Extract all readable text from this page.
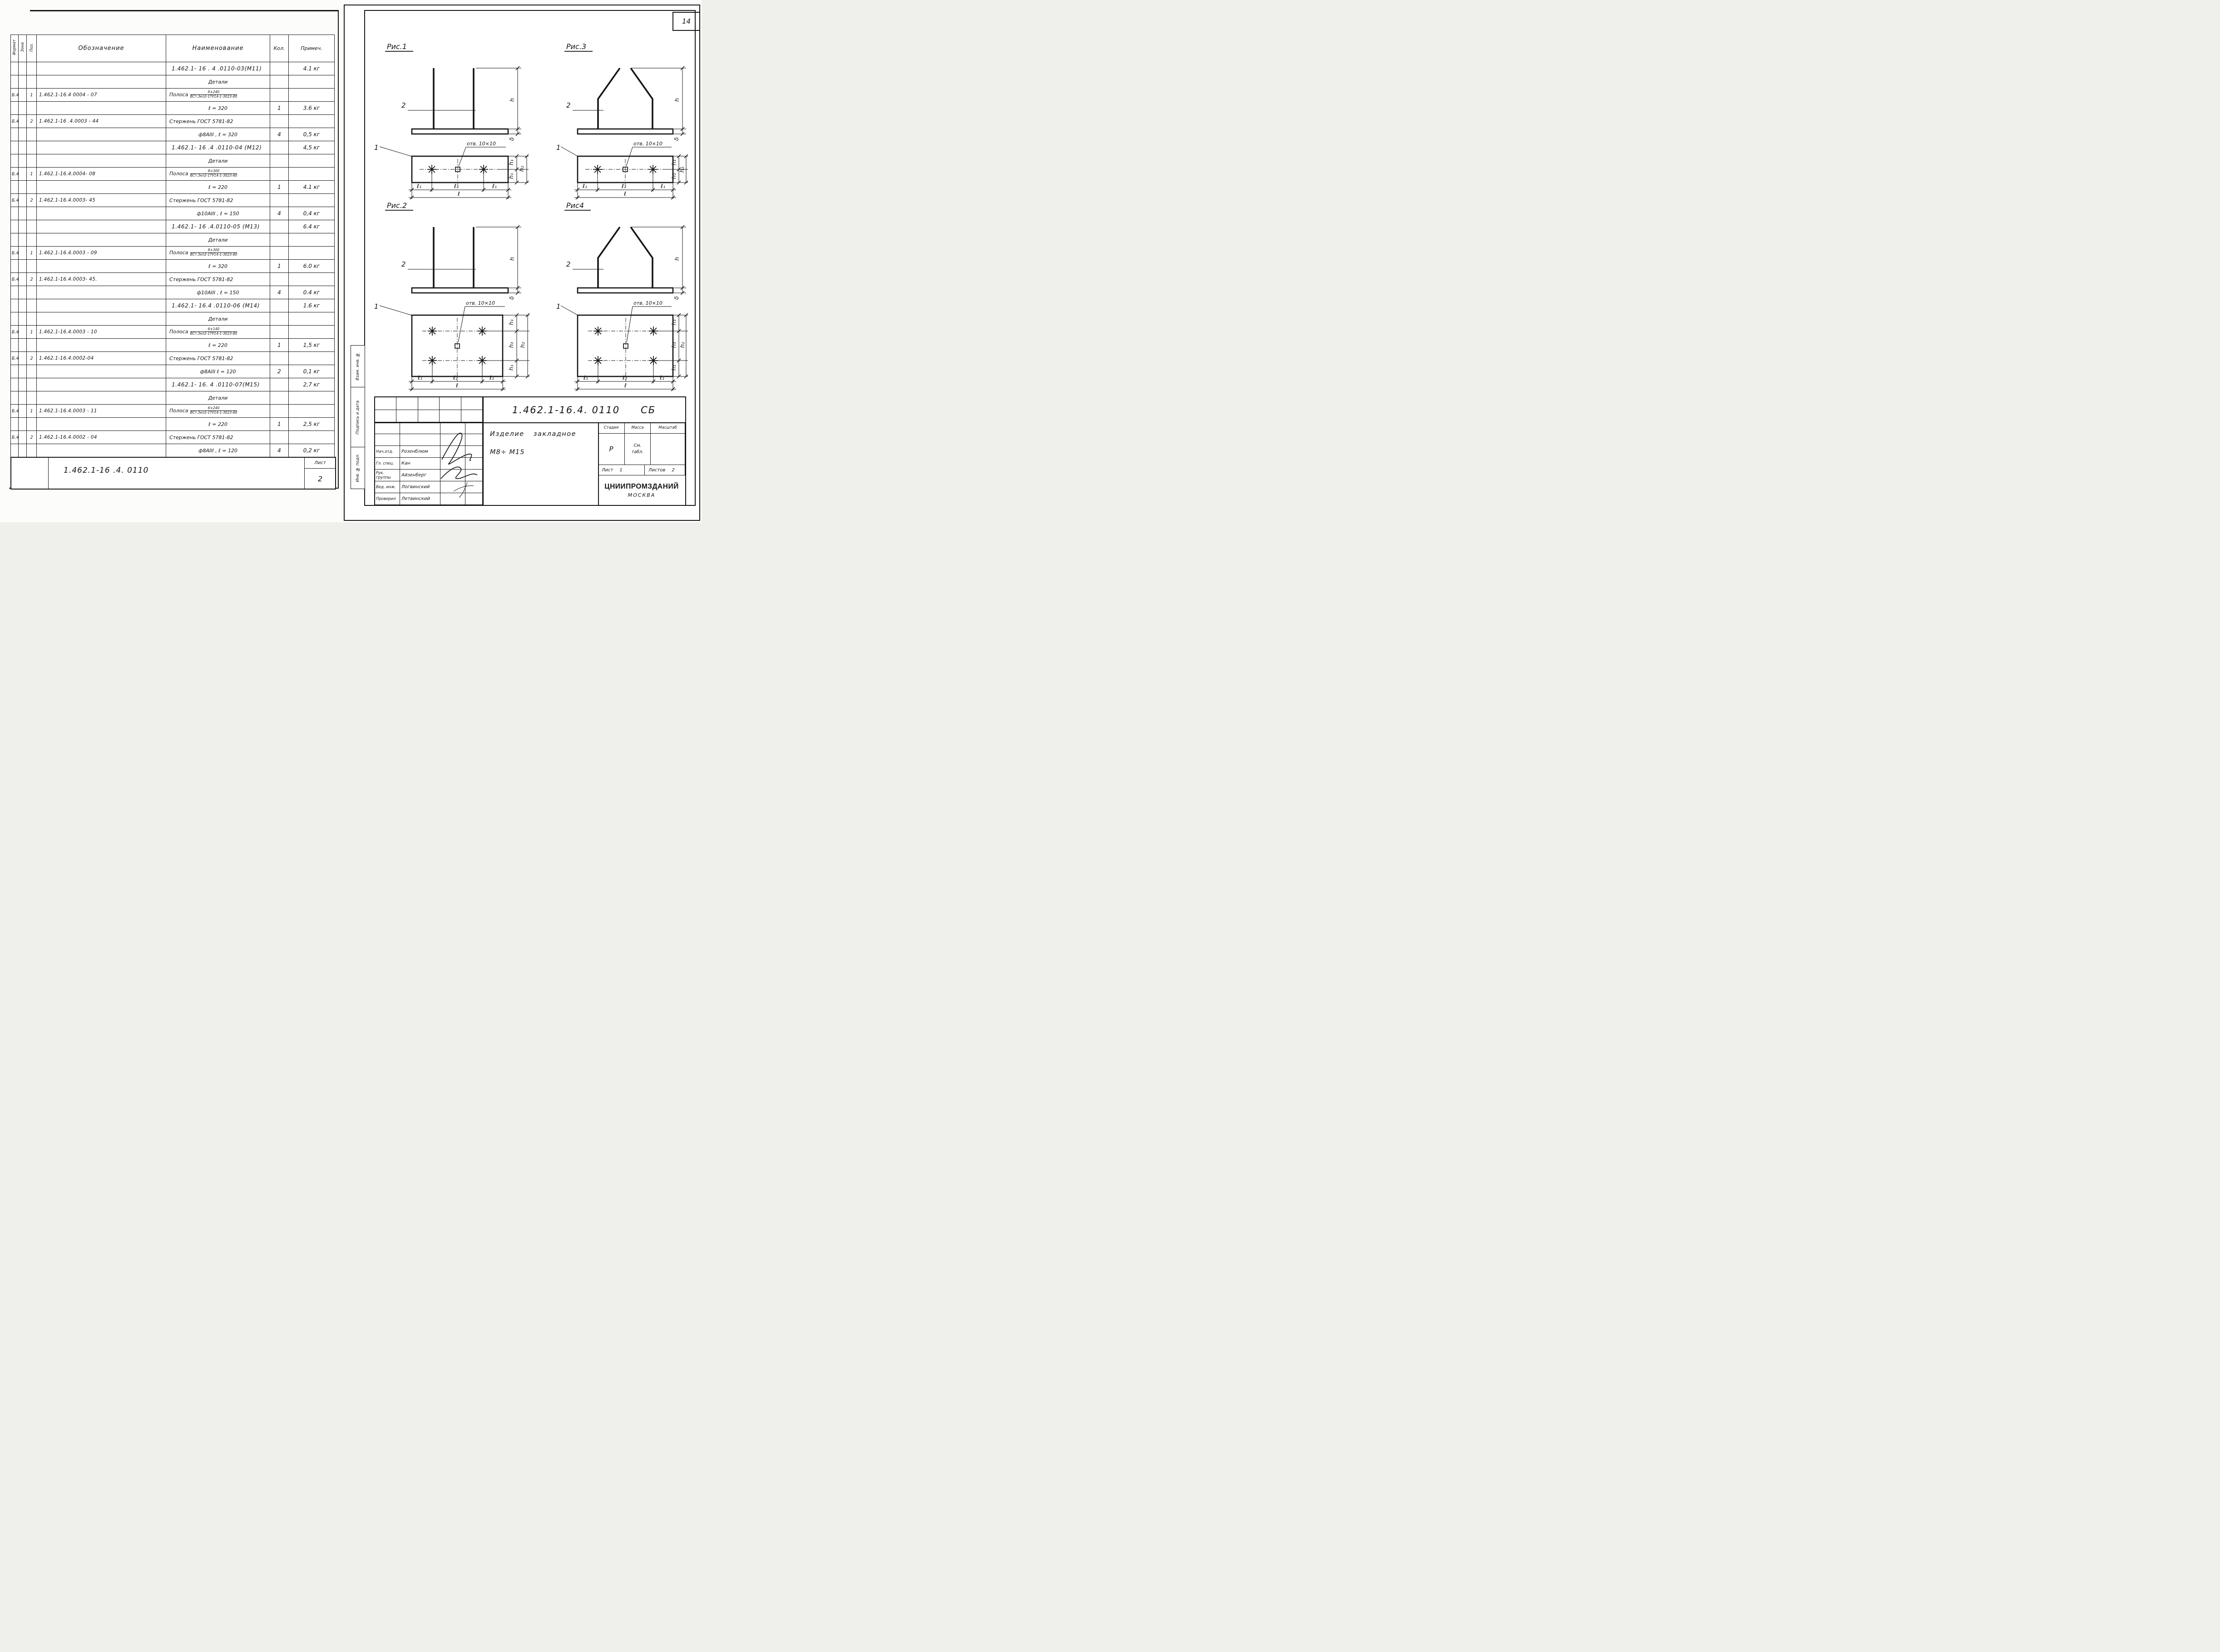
Формат	Зона	Поз.	Обозначение	Наименование	Кол.	Примеч.
				1.462.1- 16 . 4 .0110-03(М11)		4.1 кг
				Детали		
Б.4		1	1.462.1-16.4 0004 - 07	Полоса $\frac{6\times 240}{\text{ВСт.3кп2-1ТУ14-1-3023-80}}$

				ℓ = 320	1	3.6 кг
Б.4		2	1.462.1-16 .4.0003 - 44	Стержень ГОСТ 5781-82		
				ф8АIII , ℓ = 320	4	0,5 кг
				1.462.1- 16 .4 .0110-04 (М12)		4,5 кг
				Детали		
Б.4		1	1.462.1-16.4.0004- 08	Полоса $\frac{8\times 300}{\text{ВСт.3кп2-1ТУ14-1-3023-80}}$

				ℓ = 220	1	4.1 кг
Б.4		2	1.462.1-16.4.0003- 45	Стержень ГОСТ 5781-82		
				ф10АIII , ℓ = 150	4	0,4 кг
				1.462.1- 16 .4.0110-05 (М13)		6.4 кг
				Детали		
Б.4		1	1.462.1-16.4.0003 - 09	Полоса $\frac{8\times 300}{\text{ВСт.3кп2-1ТУ14-1-3023-80}}$

				ℓ = 320	1	6.0 кг
Б.4		2	1.462.1-16.4.0003- 45.	Стержень ГОСТ 5781-82		
				ф10АIII , ℓ = 150	4	0.4 кг
				1.462.1- 16.4 .0110-06 (М14)		1.6 кг
				Детали		
Б.4		1	1.462.1-16.4.0003 - 10	Полоса $\frac{6\times 140}{\text{ВСт.3кп2-1ТУ14-1-3023-80}}$

				ℓ = 220	1	1,5 кг
Б.4		2	1.462.1-16.4.0002-04	Стержень ГОСТ 5781-82		
				ф8АIII ℓ = 120	2	0,1 кг
				1.462.1- 16. 4 .0110-07(М15)		2,7 кг
				Детали		
Б.4		1	1.462.1-16.4.0003 - 11	Полоса $\frac{6\times 240}{\text{ВСт.3кп2-1ТУ14-1-3023-80}}$

				ℓ = 220	1	2,5 кг
Б.4		2	1.462.1-16.4.0002 - 04	Стержень ГОСТ 5781-82		
				ф8АIII , ℓ = 120	4	0,2 кг
1.462.1-16 .4. 0110
Лист
2
Взам. инв. №
Подпись и дата
Инв. № подл.
14
Рис.1
2
h
δ
1	отв. 10×10
h₁
h₁
h₂
ℓ₁	ℓ₂	ℓ₁
ℓ
Рис.3
2
h
δ
1	отв. 10×10
h₁
h₁
h₂
ℓ₁	ℓ₂	ℓ₁
ℓ
Рис.2
2
h
δ
1	отв. 10×10
h₁
h₃
h₁
h₂
ℓ₁	ℓ₂	ℓ₁
ℓ
Рис4
2
h
δ
1	отв. 10×10
h₁
h₃
h₁
h₂
ℓ₁	ℓ₂	ℓ₁
ℓ
1.462.1-16.4. 0110 СБ
Нач.отд.	Розенблюм
Гл. спец.	Кан
Рук. группы	Айзенберг
Вед. инж.	Логвинский
Проверил	Летвинский
Изделие закладное
М8÷ М15
Стадия	Масса	Масштаб
Р	См. табл.
Лист 1	Листов 2
ЦНИИПРОМЗДАНИЙ
МОСКВА
